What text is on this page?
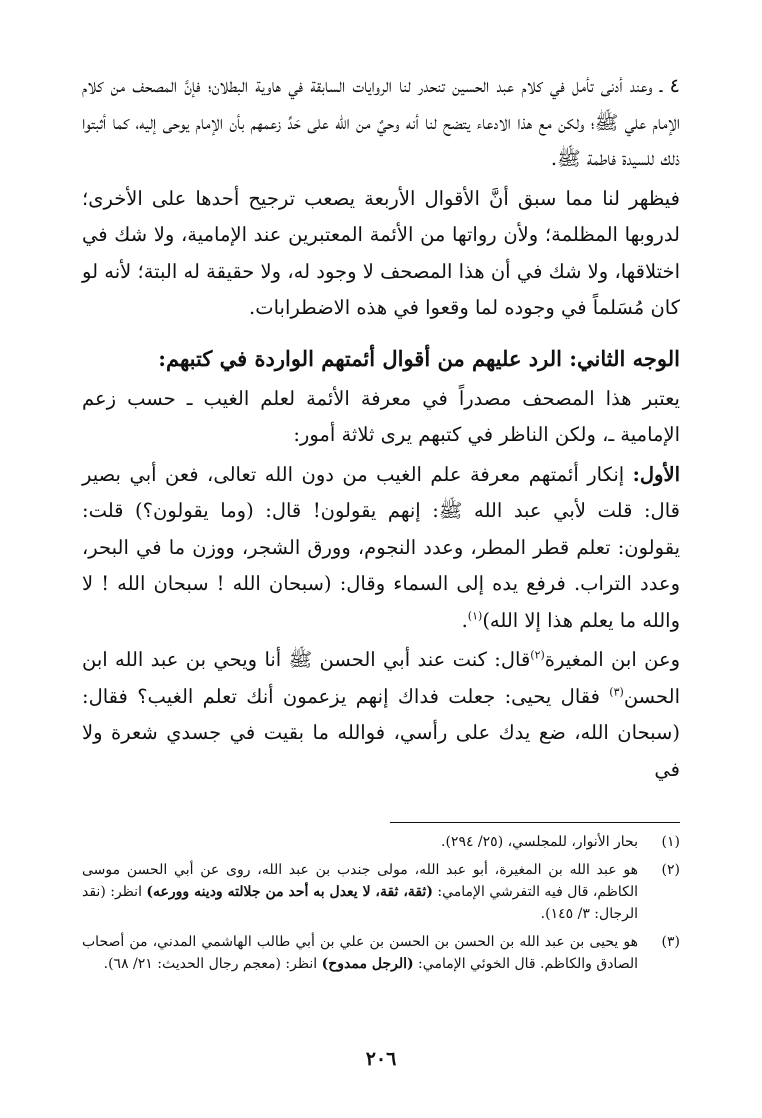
٤ ـ وعند أدنى تأمل في كلام عبد الحسين تنحدر لنا الروايات السابقة في هاوية البطلان؛ فإنَّ المصحف من كلام الإمام علي ﷺ؛ ولكن مع هذا الادعاء يتضح لنا أنه وحيٌ من الله على حَدِّ زعمهم بأن الإمام يوحى إليه، كما أثبتوا ذلك للسيدة فاطمة ﷺ.

فيظهر لنا مما سبق أنَّ الأقوال الأربعة يصعب ترجيح أحدها على الأخرى؛ لدروبها المظلمة؛ ولأن رواتها من الأئمة المعتبرين عند الإمامية، ولا شك في اختلاقها، ولا شك في أن هذا المصحف لا وجود له، ولا حقيقة له البتة؛ لأنه لو كان مُسَلماً في وجوده لما وقعوا في هذه الاضطرابات.

الوجه الثاني: الرد عليهم من أقوال أئمتهم الواردة في كتبهم:

يعتبر هذا المصحف مصدراً في معرفة الأئمة لعلم الغيب ـ حسب زعم الإمامية ـ، ولكن الناظر في كتبهم يرى ثلاثة أمور:

الأول: إنكار أئمتهم معرفة علم الغيب من دون الله تعالى، فعن أبي بصير قال: قلت لأبي عبد الله ﷺ: إنهم يقولون! قال: (وما يقولون؟) قلت: يقولون: تعلم قطر المطر، وعدد النجوم، وورق الشجر، ووزن ما في البحر، وعدد التراب. فرفع يده إلى السماء وقال: (سبحان الله ! سبحان الله ! لا والله ما يعلم هذا إلا الله)$^{(١)}$.

وعن ابن المغيرة$^{(٢)}$قال: كنت عند أبي الحسن ﷺ أنا ويحي بن عبد الله ابن الحسن$^{(٣)}$ فقال يحيى: جعلت فداك إنهم يزعمون أنك تعلم الغيب؟ فقال: (سبحان الله، ضع يدك على رأسي، فوالله ما بقيت في جسدي شعرة ولا في

(١)
بحار الأنوار، للمجلسي، (٢٥/ ٢٩٤).
(٢)
هو عبد الله بن المغيرة، أبو عبد الله، مولى جندب بن عبد الله، روى عن أبي الحسن موسى الكاظم، قال فيه التفرشي الإمامي: (ثقة، ثقة، لا يعدل به أحد من جلالته ودينه وورعه) انظر: (نقد الرجال: ٣/ ١٤٥).
(٣)
هو يحيى بن عبد الله بن الحسن بن الحسن بن علي بن أبي طالب الهاشمي المدني، من أصحاب الصادق والكاظم. قال الخوئي الإمامي: (الرجل ممدوح) انظر: (معجم رجال الحديث: ٢١/ ٦٨).
٢٠٦
